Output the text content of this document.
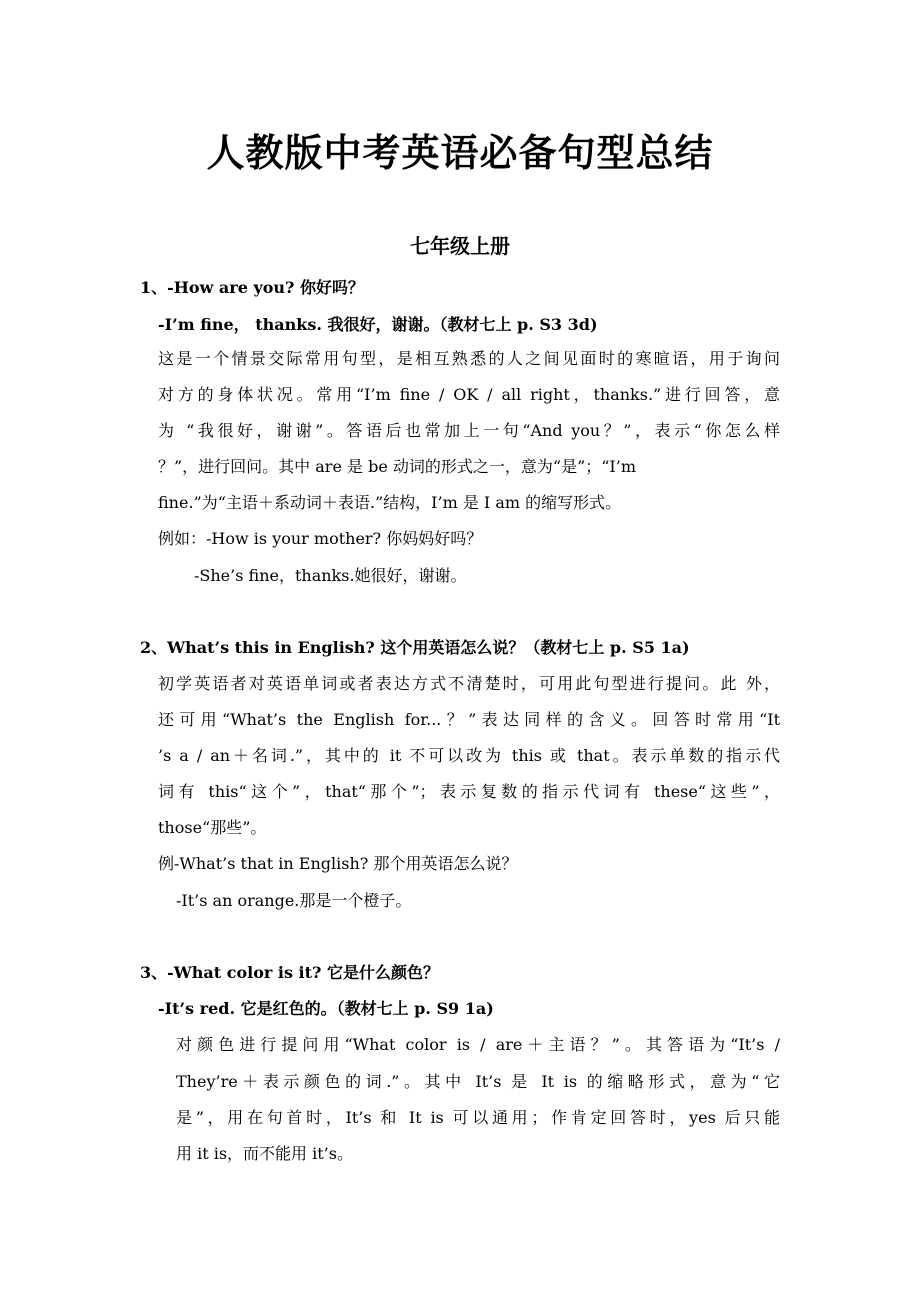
人教版中考英语必备句型总结
七年级上册
1、-How are you? 你好吗？
-I’m fine， thanks. 我很好，谢谢。（教材七上 p. S3 3d)
这是一个情景交际常用句型，是相互熟悉的人之间见面时的寒暄语，用于询问
对方的身体状况。常用“I’m fine / OK / all right，thanks.”进行回答，意
为 “我很好，谢谢”。答语后也常加上一句“And you？”，表示“你怎么样
？”，进行回问。其中 are 是 be 动词的形式之一，意为“是”；“I’m
fine.”为“主语＋系动词＋表语.”结构，I’m 是 I am 的缩写形式。
例如：-How is your mother? 你妈妈好吗？
-She’s fine，thanks.她很好，谢谢。
2、What’s this in English? 这个用英语怎么说？（教材七上 p. S5 1a)
初学英语者对英语单词或者表达方式不清楚时，可用此句型进行提问。此 外，
还可用“What’s the English for...？”表达同样的含义。回答时常用“It
’s a / an＋名词.”，其中的 it 不可以改为 this 或 that。表示单数的指示代
词有 this“这个”，that“那个”；表示复数的指示代词有 these“这些”，
those“那些”。
例-What’s that in English? 那个用英语怎么说？
-It’s an orange.那是一个橙子。
3、-What color is it? 它是什么颜色？
-It’s red. 它是红色的。（教材七上 p. S9 1a)
对颜色进行提问用“What color is / are＋主语？”。其答语为“It’s /
They’re＋表示颜色的词.”。其中 It’s 是 It is 的缩略形式，意为“它
是”，用在句首时，It’s 和 It is 可以通用；作肯定回答时，yes 后只能
用 it is，而不能用 it’s。
